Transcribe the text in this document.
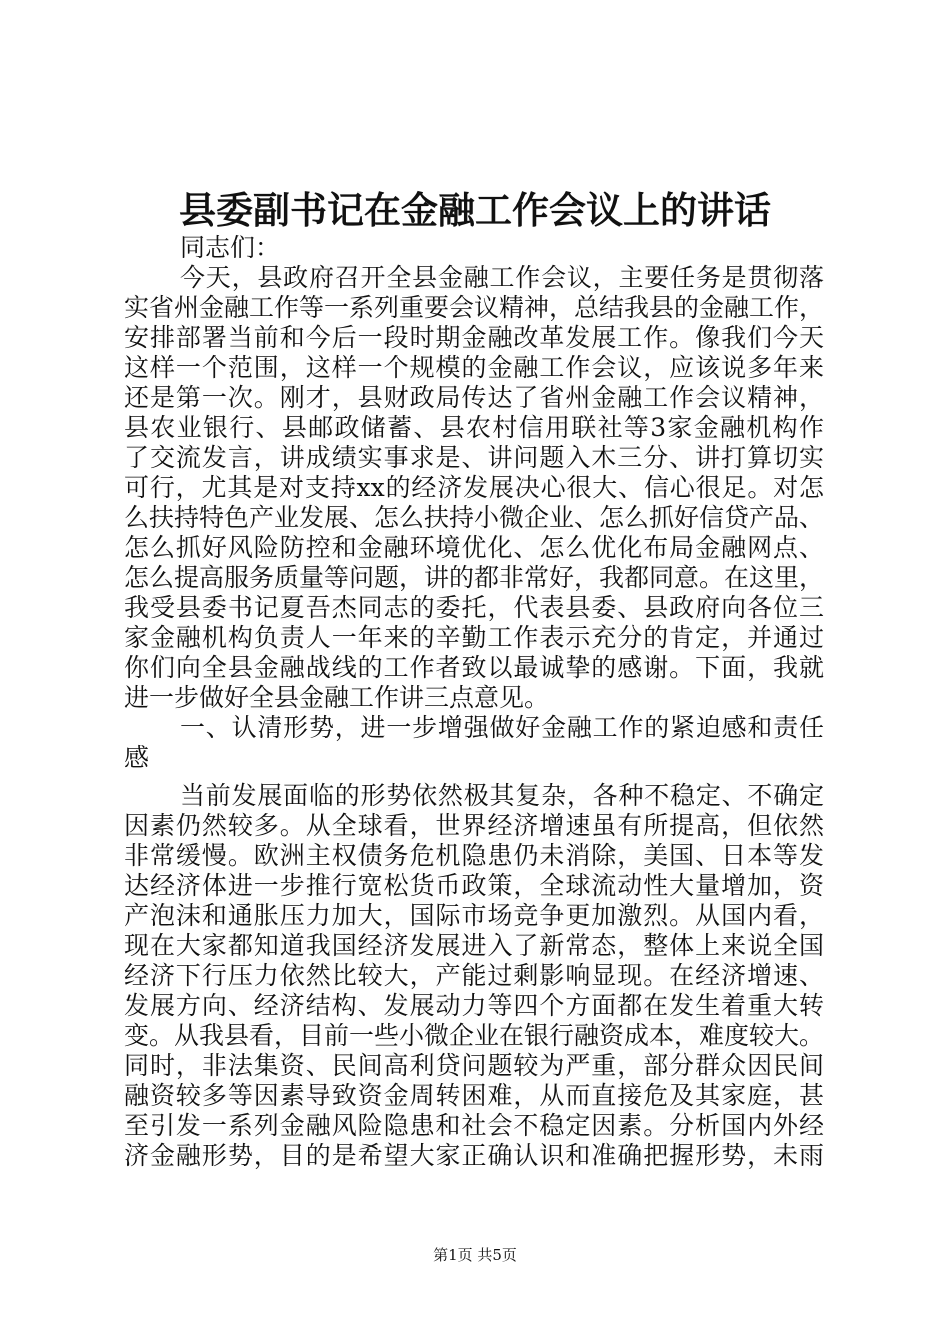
县委副书记在金融工作会议上的讲话
同志们：
今天，县政府召开全县金融工作会议，主要任务是贯彻落
实省州金融工作等一系列重要会议精神，总结我县的金融工作，
安排部署当前和今后一段时期金融改革发展工作。像我们今天
这样一个范围，这样一个规模的金融工作会议，应该说多年来
还是第一次。刚才，县财政局传达了省州金融工作会议精神，
县农业银行、县邮政储蓄、县农村信用联社等3家金融机构作
了交流发言，讲成绩实事求是、讲问题入木三分、讲打算切实
可行，尤其是对支持xx的经济发展决心很大、信心很足。对怎
么扶持特色产业发展、怎么扶持小微企业、怎么抓好信贷产品、
怎么抓好风险防控和金融环境优化、怎么优化布局金融网点、
怎么提高服务质量等问题，讲的都非常好，我都同意。在这里，
我受县委书记夏吾杰同志的委托，代表县委、县政府向各位三
家金融机构负责人一年来的辛勤工作表示充分的肯定，并通过
你们向全县金融战线的工作者致以最诚挚的感谢。下面，我就
进一步做好全县金融工作讲三点意见。
一、认清形势，进一步增强做好金融工作的紧迫感和责任
感
当前发展面临的形势依然极其复杂，各种不稳定、不确定
因素仍然较多。从全球看，世界经济增速虽有所提高，但依然
非常缓慢。欧洲主权债务危机隐患仍未消除，美国、日本等发
达经济体进一步推行宽松货币政策，全球流动性大量增加，资
产泡沫和通胀压力加大，国际市场竞争更加激烈。从国内看，
现在大家都知道我国经济发展进入了新常态，整体上来说全国
经济下行压力依然比较大，产能过剩影响显现。在经济增速、
发展方向、经济结构、发展动力等四个方面都在发生着重大转
变。从我县看，目前一些小微企业在银行融资成本，难度较大。
同时，非法集资、民间高利贷问题较为严重，部分群众因民间
融资较多等因素导致资金周转困难，从而直接危及其家庭，甚
至引发一系列金融风险隐患和社会不稳定因素。分析国内外经
济金融形势，目的是希望大家正确认识和准确把握形势，未雨
第1页 共5页
